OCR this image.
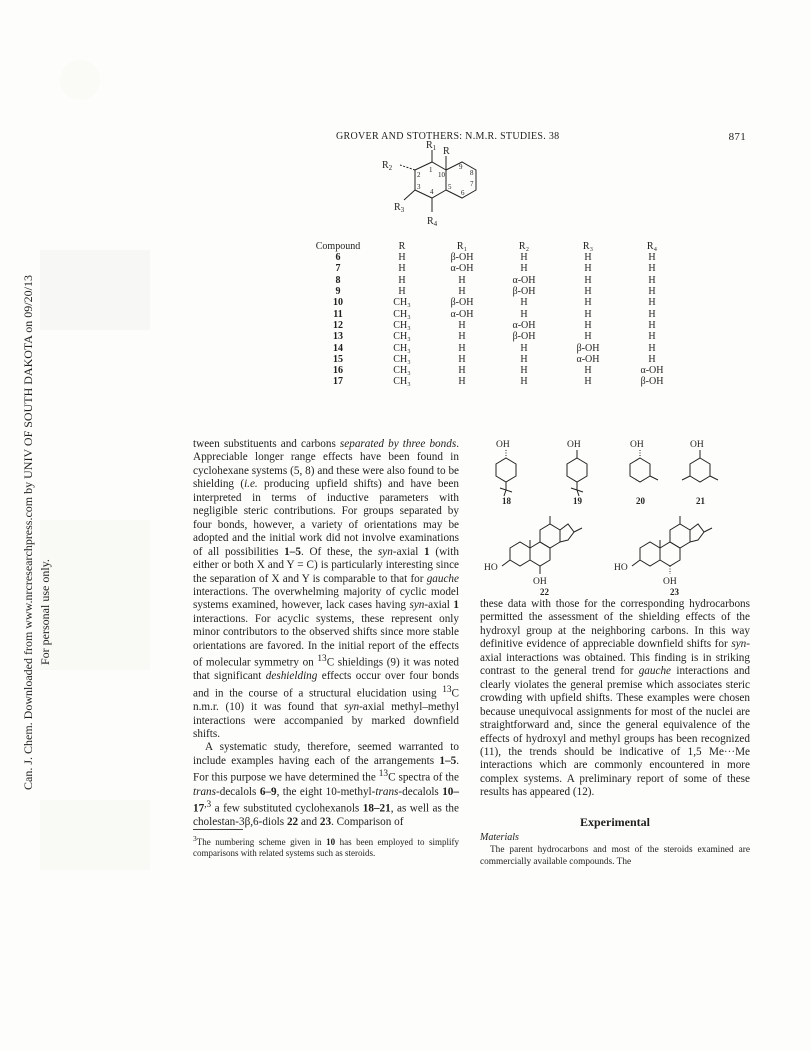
Can. J. Chem. Downloaded from www.nrcresearchpress.com by UNIV OF SOUTH DAKOTA on 09/20/13 For personal use only.
GROVER AND STOTHERS: N.M.R. STUDIES. 38	871
$R_1$ R
$R_2$
$R_3$
$R_4$
1
2
3
4
5
6
7
8
9
10
Compound	R	R₁	R₂	R₃	R₄
6	H	β-OH	H	H	H
7	H	α-OH	H	H	H
8	H	H	α-OH	H	H
9	H	H	β-OH	H	H
10	CH₃	β-OH	H	H	H
11	CH₃	α-OH	H	H	H
12	CH₃	H	α-OH	H	H
13	CH₃	H	β-OH	H	H
14	CH₃	H	H	β-OH	H
15	CH₃	H	H	α-OH	H
16	CH₃	H	H	H	α-OH
17	CH₃	H	H	H	β-OH
OH	OH	OH	OH
18	19	20	21
HO
OH
HO
OH
22	23

tween substituents and carbons separated by three bonds. Appreciable longer range effects have been found in cyclohexane systems (5, 8) and these were also found to be shielding (i.e. producing upfield shifts) and have been interpreted in terms of inductive parameters with negligible steric contributions. For groups separated by four bonds, however, a variety of orientations may be adopted and the initial work did not involve examinations of all possibilities 1–5. Of these, the syn-axial 1 (with either or both X and Y = C) is particularly interesting since the separation of X and Y is comparable to that for gauche interactions. The overwhelming majority of cyclic model systems examined, however, lack cases having syn-axial 1 interactions. For acyclic systems, these represent only minor contributors to the observed shifts since more stable orientations are favored. In the initial report of the effects of molecular symmetry on $^{13}$C shieldings (9) it was noted that significant deshielding effects occur over four bonds and in the course of a structural elucidation using $^{13}$C n.m.r. (10) it was found that syn-axial methyl–methyl interactions were accompanied by marked downfield shifts.

A systematic study, therefore, seemed warranted to include examples having each of the arrangements 1–5. For this purpose we have determined the $^{13}$C spectra of the trans-decalols 6–9, the eight 10-methyl-trans-decalols $10-17^{,3}$ a few substituted cyclohexanols 18–21, as well as the cholestan-3β,6-diols 22 and 23. Comparison of

$^3$The numbering scheme given in 10 has been employed to simplify comparisons with related systems such as steroids.

these data with those for the corresponding hydrocarbons permitted the assessment of the shielding effects of the hydroxyl group at the neighboring carbons. In this way definitive evidence of appreciable downfield shifts for syn-axial interactions was obtained. This finding is in striking contrast to the general trend for gauche interactions and clearly violates the general premise which associates steric crowding with upfield shifts. These examples were chosen because unequivocal assignments for most of the nuclei are straightforward and, since the general equivalence of the effects of hydroxyl and methyl groups has been recognized (11), the trends should be indicative of 1,5 Me···Me interactions which are commonly encountered in more complex systems. A preliminary report of some of these results has appeared (12).

Experimental
Materials
The parent hydrocarbons and most of the steroids examined are commercially available compounds. The
